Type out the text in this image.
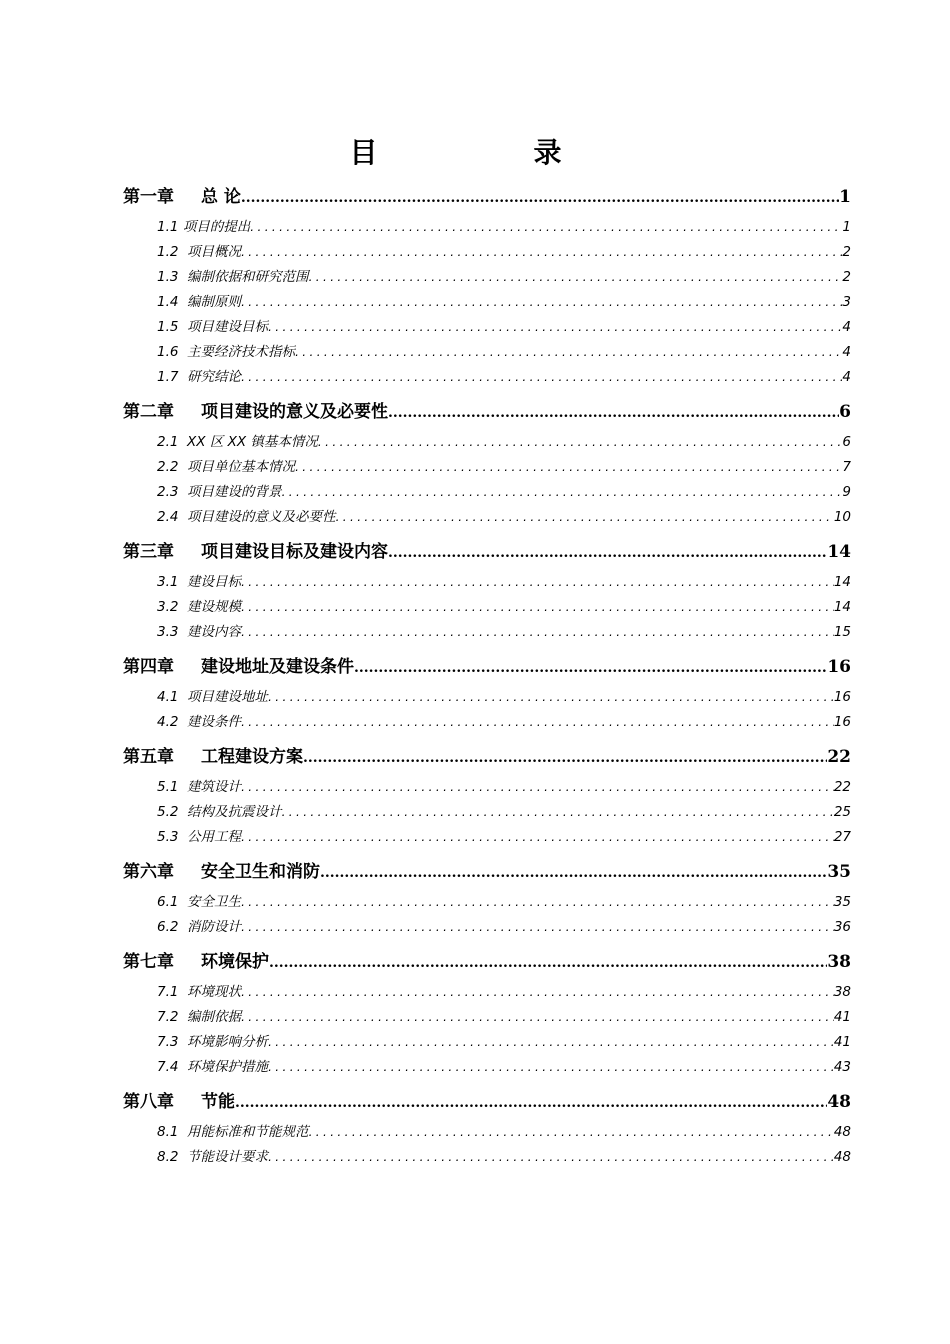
目　录
第一章	总 论 .....	1
1.1 项目的提出 .....	1
1.2  项目概况 .....	2
1.3  编制依据和研究范围 .....	2
1.4  编制原则 .....	3
1.5  项目建设目标 .....	4
1.6  主要经济技术指标 .....	4
1.7  研究结论 .....	4
第二章	项目建设的意义及必要性 .....	6
2.1  XX 区 XX 镇基本情况 .....	6
2.2  项目单位基本情况 .....	7
2.3  项目建设的背景 .....	9
2.4  项目建设的意义及必要性 .....	10
第三章	项目建设目标及建设内容 .....	14
3.1  建设目标 .....	14
3.2  建设规模 .....	14
3.3  建设内容 .....	15
第四章	建设地址及建设条件 .....	16
4.1  项目建设地址 .....	16
4.2  建设条件 .....	16
第五章	工程建设方案 .....	22
5.1  建筑设计 .....	22
5.2  结构及抗震设计 .....	25
5.3  公用工程 .....	27
第六章	安全卫生和消防 .....	35
6.1  安全卫生 .....	35
6.2  消防设计 .....	36
第七章	环境保护 .....	38
7.1  环境现状 .....	38
7.2  编制依据 .....	41
7.3  环境影响分析 .....	41
7.4  环境保护措施 .....	43
第八章	节能 .....	48
8.1  用能标准和节能规范 .....	48
8.2  节能设计要求 .....	48
